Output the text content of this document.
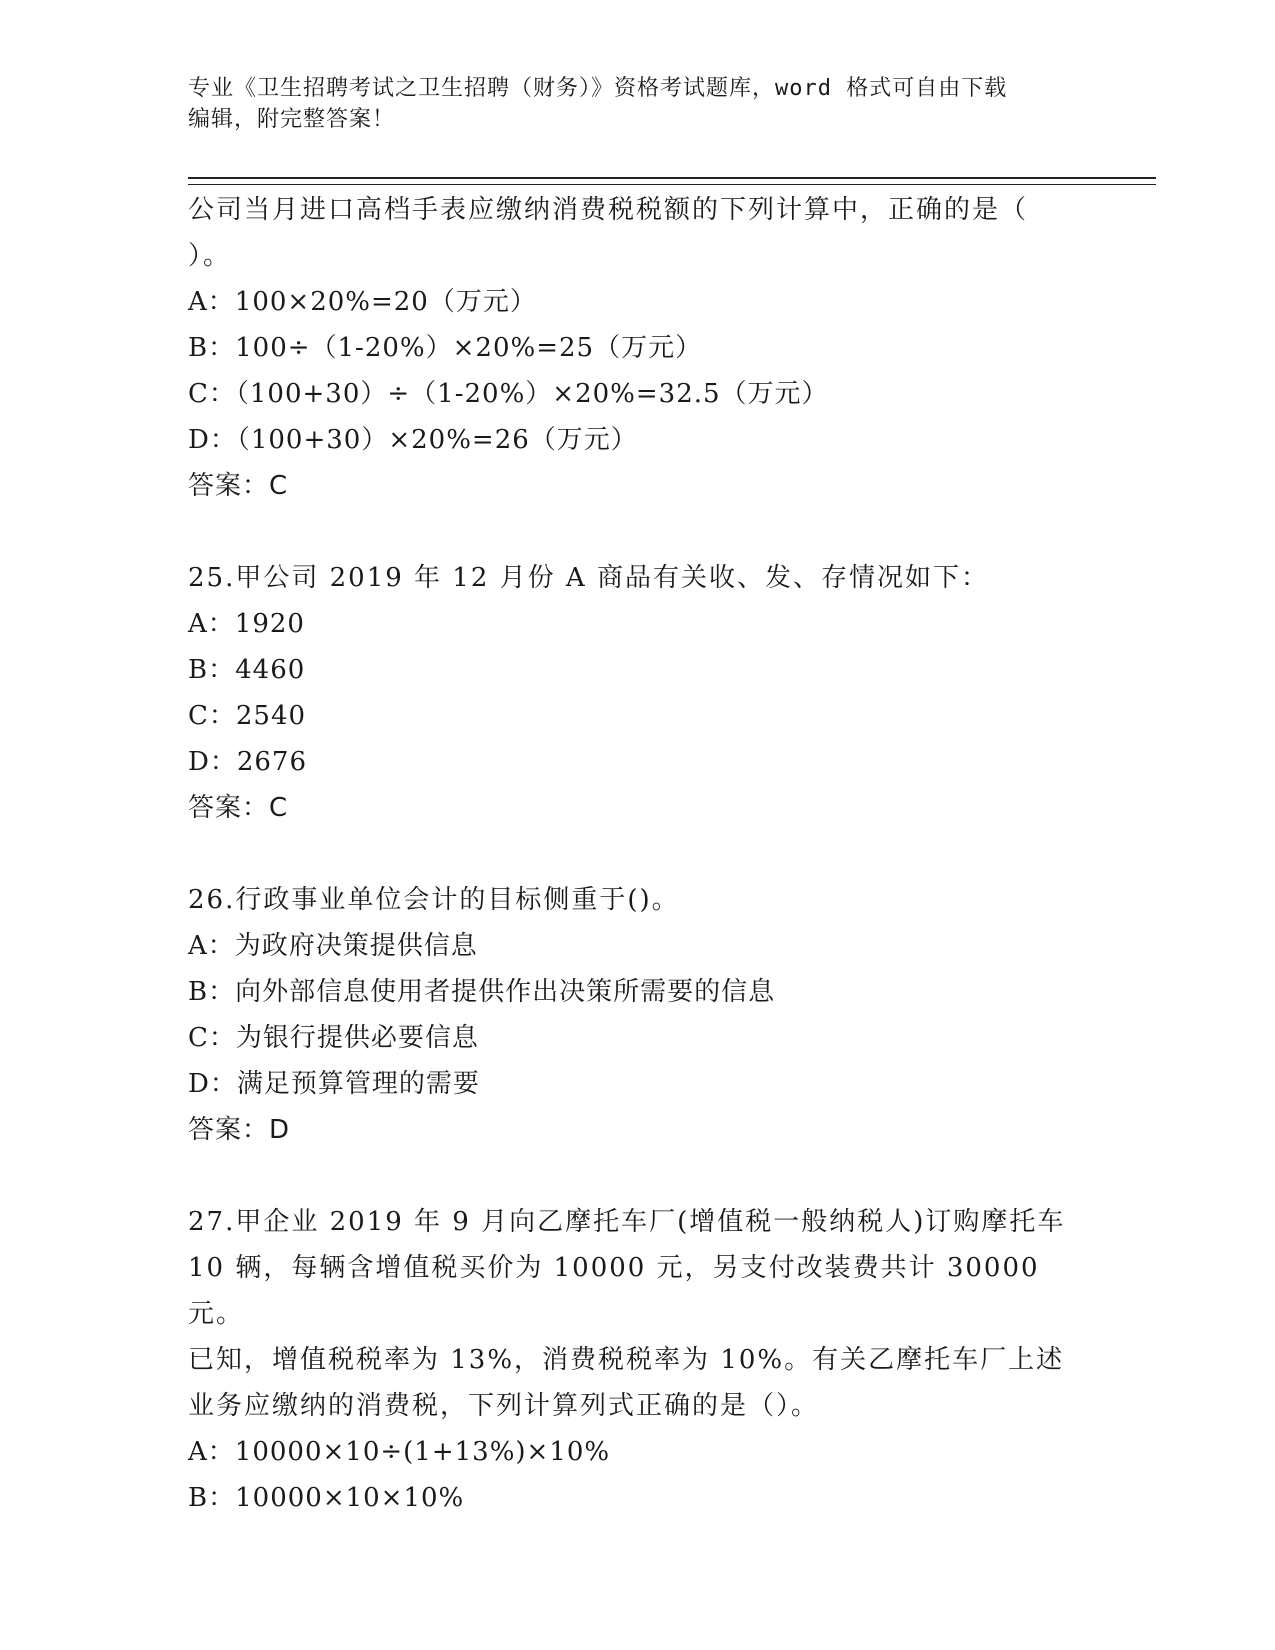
专业《卫生招聘考试之卫生招聘（财务）》资格考试题库，word 格式可自由下载
编辑，附完整答案！

公司当月进口高档手表应缴纳消费税税额的下列计算中，正确的是（

）。

A：100×20%=20（万元）

B：100÷（1-20%）×20%=25（万元）

C：（100+30）÷（1-20%）×20%=32.5（万元）

D：（100+30）×20%=26（万元）

答案：C

25.甲公司 2019 年 12 月份 A 商品有关收、发、存情况如下：

A：1920

B：4460

C：2540

D：2676

答案：C

26.行政事业单位会计的目标侧重于()。

A：为政府决策提供信息

B：向外部信息使用者提供作出决策所需要的信息

C：为银行提供必要信息

D：满足预算管理的需要

答案：D

27.甲企业 2019 年 9 月向乙摩托车厂(增值税一般纳税人)订购摩托车

10 辆，每辆含增值税买价为 10000 元，另支付改装费共计 30000 元。

已知，增值税税率为 13%，消费税税率为 10%。有关乙摩托车厂上述

业务应缴纳的消费税，下列计算列式正确的是（）。

A：10000×10÷(1+13%)×10%

B：10000×10×10%
